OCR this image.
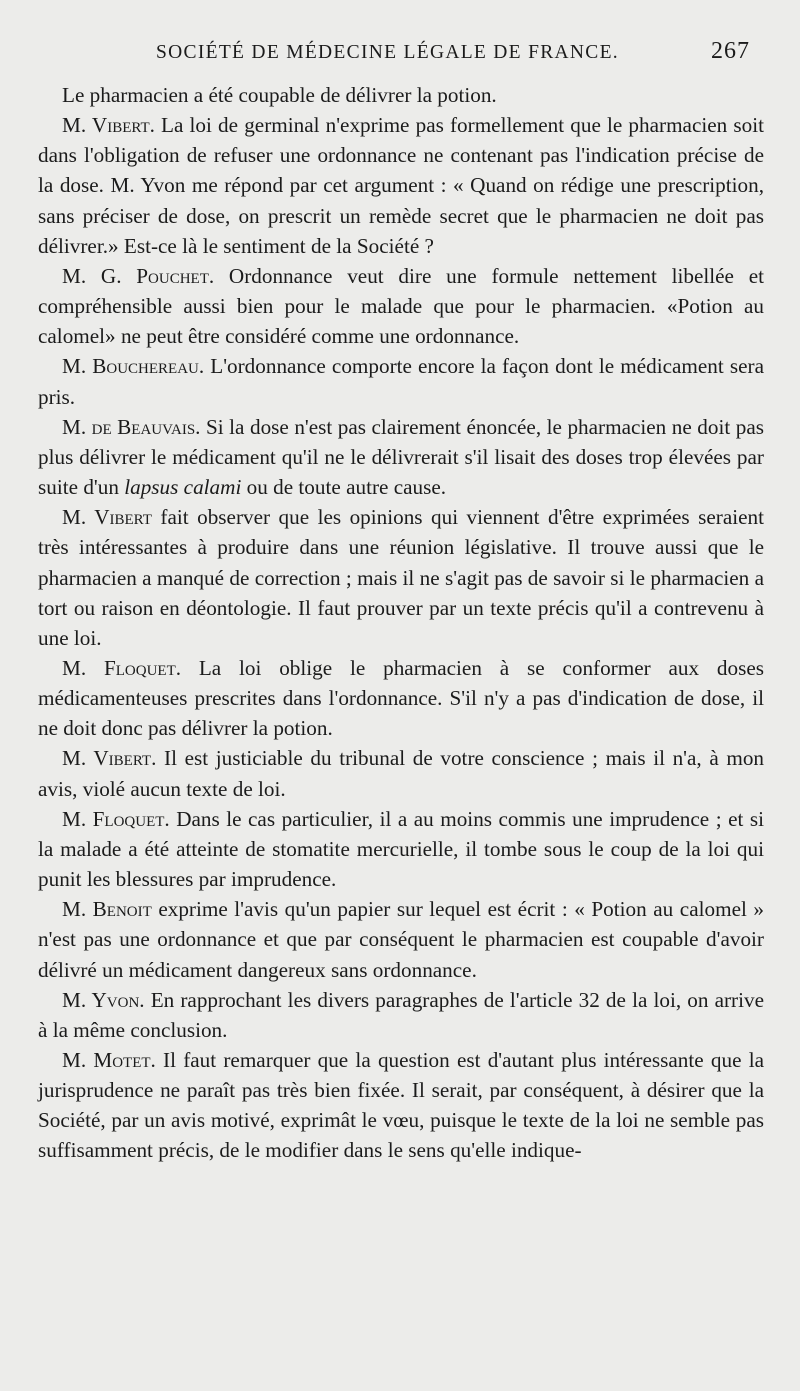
SOCIÉTÉ DE MÉDECINE LÉGALE DE FRANCE.	267

Le pharmacien a été coupable de délivrer la potion.

M. Vibert. La loi de germinal n'exprime pas formellement que le pharmacien soit dans l'obligation de refuser une ordonnance ne contenant pas l'indication précise de la dose. M. Yvon me répond par cet argument : « Quand on rédige une prescription, sans préciser de dose, on prescrit un remède secret que le pharmacien ne doit pas délivrer.» Est-ce là le sentiment de la Société ?

M. G. Pouchet. Ordonnance veut dire une formule nettement libellée et compréhensible aussi bien pour le malade que pour le pharmacien. «Potion au calomel» ne peut être considéré comme une ordonnance.

M. Bouchereau. L'ordonnance comporte encore la façon dont le médicament sera pris.

M. de Beauvais. Si la dose n'est pas clairement énoncée, le pharmacien ne doit pas plus délivrer le médicament qu'il ne le délivrerait s'il lisait des doses trop élevées par suite d'un lapsus calami ou de toute autre cause.

M. Vibert fait observer que les opinions qui viennent d'être exprimées seraient très intéressantes à produire dans une réunion législative. Il trouve aussi que le pharmacien a manqué de correction ; mais il ne s'agit pas de savoir si le pharmacien a tort ou raison en déontologie. Il faut prouver par un texte précis qu'il a contrevenu à une loi.

M. Floquet. La loi oblige le pharmacien à se conformer aux doses médicamenteuses prescrites dans l'ordonnance. S'il n'y a pas d'indication de dose, il ne doit donc pas délivrer la potion.

M. Vibert. Il est justiciable du tribunal de votre conscience ; mais il n'a, à mon avis, violé aucun texte de loi.

M. Floquet. Dans le cas particulier, il a au moins commis une imprudence ; et si la malade a été atteinte de stomatite mercurielle, il tombe sous le coup de la loi qui punit les blessures par imprudence.

M. Benoit exprime l'avis qu'un papier sur lequel est écrit : « Potion au calomel » n'est pas une ordonnance et que par conséquent le pharmacien est coupable d'avoir délivré un médicament dangereux sans ordonnance.

M. Yvon. En rapprochant les divers paragraphes de l'article 32 de la loi, on arrive à la même conclusion.

M. Motet. Il faut remarquer que la question est d'autant plus intéressante que la jurisprudence ne paraît pas très bien fixée. Il serait, par conséquent, à désirer que la Société, par un avis motivé, exprimât le vœu, puisque le texte de la loi ne semble pas suffisamment précis, de le modifier dans le sens qu'elle indique-
